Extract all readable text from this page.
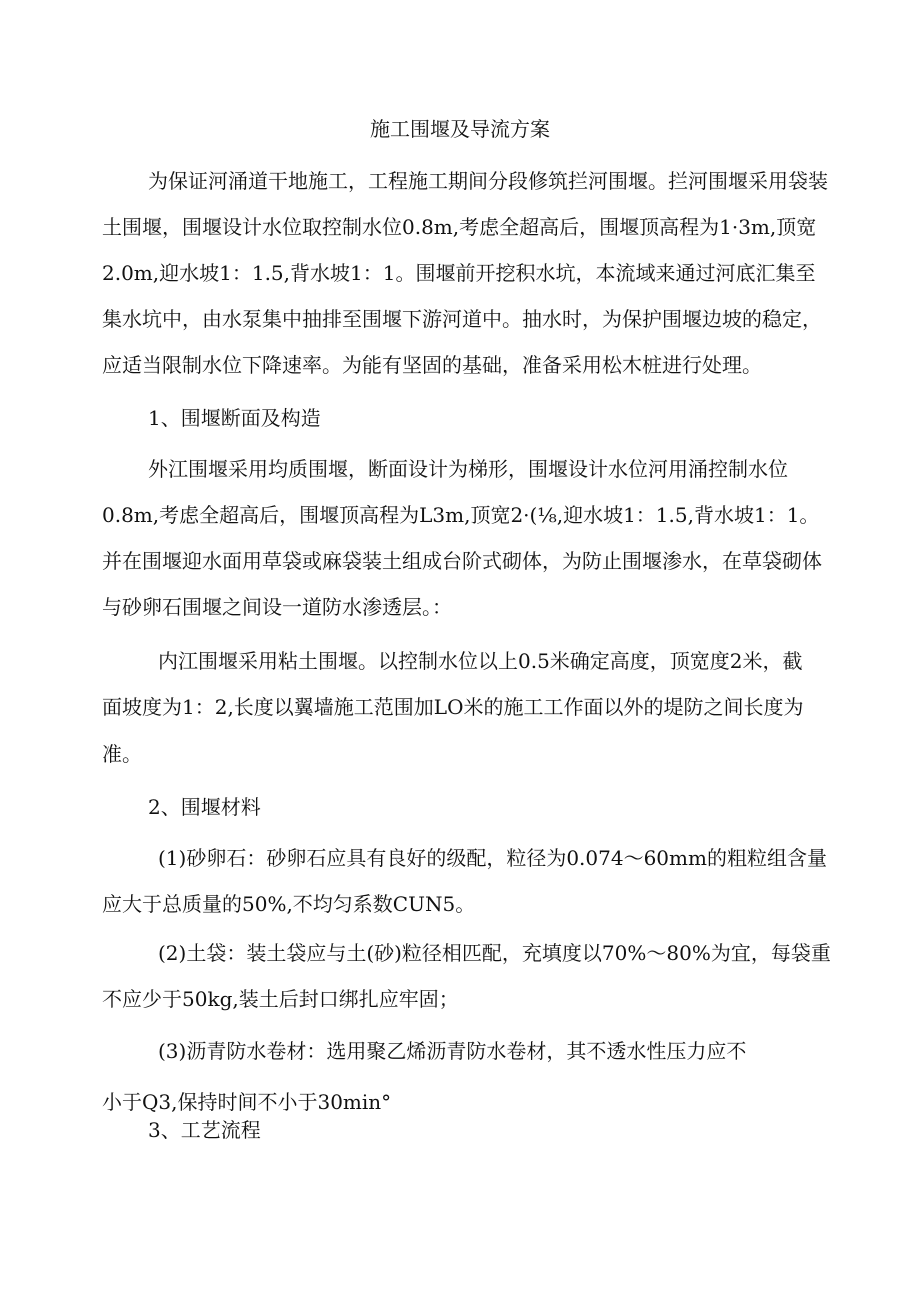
施工围堰及导流方案
为保证河涌道干地施工，工程施工期间分段修筑拦河围堰。拦河围堰采用袋装
土围堰，围堰设计水位取控制水位0.8m,考虑全超高后，围堰顶高程为1·3m,顶宽
2.0m,迎水坡1：1.5,背水坡1：1。围堰前开挖积水坑，本流域来通过河底汇集至
集水坑中，由水泵集中抽排至围堰下游河道中。抽水时，为保护围堰边坡的稳定，
应适当限制水位下降速率。为能有坚固的基础，准备采用松木桩进行处理。
1、围堰断面及构造
外江围堰采用均质围堰，断面设计为梯形，围堰设计水位河用涌控制水位
0.8m,考虑全超高后，围堰顶高程为L3m,顶宽2·(⅛,迎水坡1：1.5,背水坡1：1。
并在围堰迎水面用草袋或麻袋装土组成台阶式砌体，为防止围堰渗水，在草袋砌体
与砂卵石围堰之间设一道防水渗透层。：
内江围堰采用粘土围堰。以控制水位以上0.5米确定高度，顶宽度2米，截
面坡度为1：2,长度以翼墙施工范围加LO米的施工工作面以外的堤防之间长度为
准。
2、围堰材料
(1)砂卵石：砂卵石应具有良好的级配，粒径为0.074～60mm的粗粒组含量
应大于总质量的50%,不均匀系数CUN5。
(2)土袋：装土袋应与土(砂)粒径相匹配，充填度以70%～80%为宜，每袋重
不应少于50kg,装土后封口绑扎应牢固；
(3)沥青防水卷材：选用聚乙烯沥青防水卷材，其不透水性压力应不
小于Q3,保持时间不小于30min°
3、工艺流程
